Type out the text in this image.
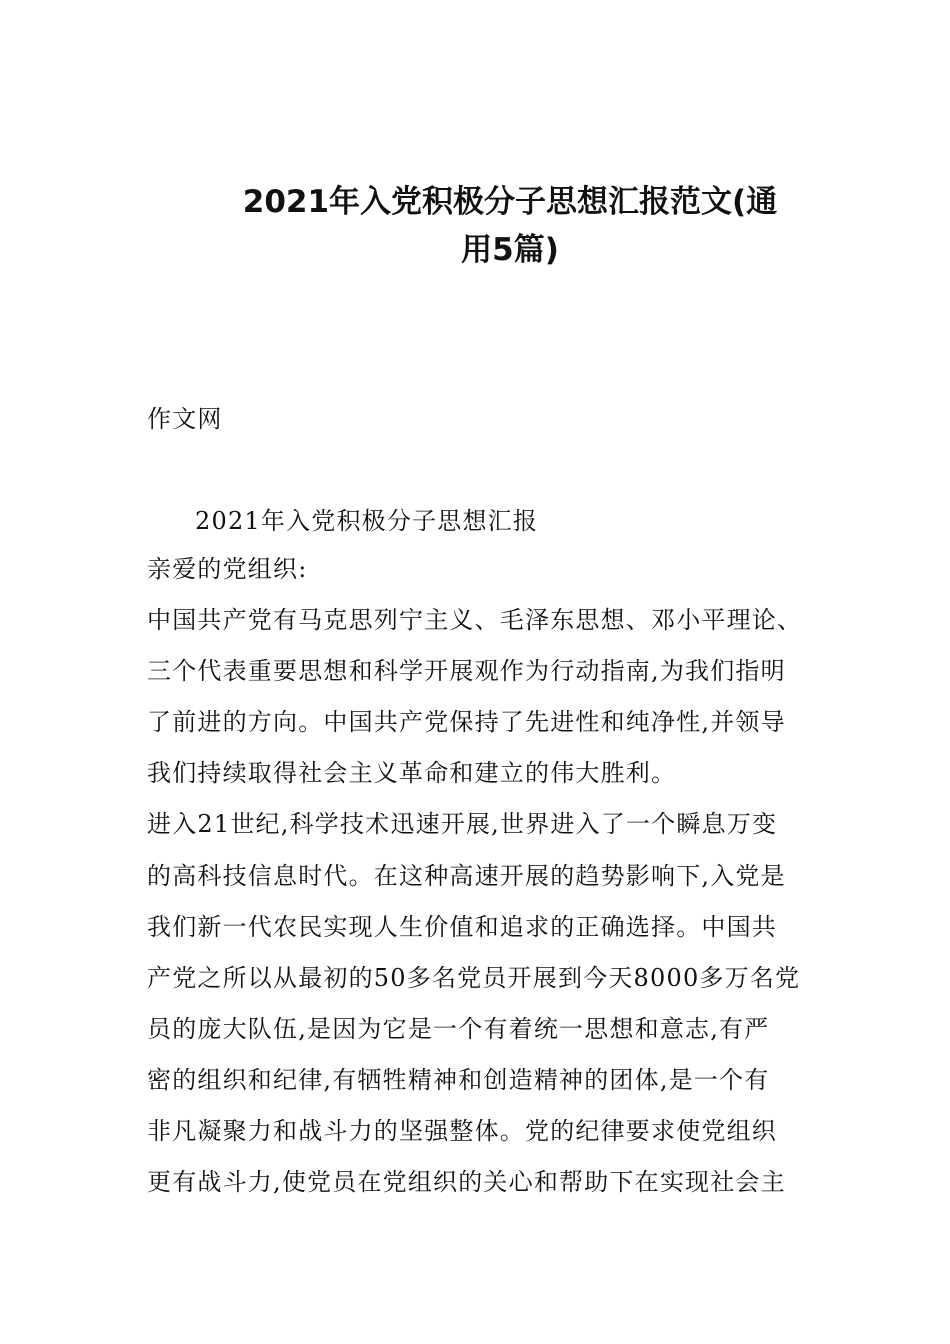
2021年入党积极分子思想汇报范文(通
用5篇)
作文网
2021年入党积极分子思想汇报
亲爱的党组织:
中国共产党有马克思列宁主义、毛泽东思想、邓小平理论、
三个代表重要思想和科学开展观作为行动指南,为我们指明
了前进的方向。中国共产党保持了先进性和纯净性,并领导
我们持续取得社会主义革命和建立的伟大胜利。
进入21世纪,科学技术迅速开展,世界进入了一个瞬息万变
的高科技信息时代。在这种高速开展的趋势影响下,入党是
我们新一代农民实现人生价值和追求的正确选择。中国共
产党之所以从最初的50多名党员开展到今天8000多万名党
员的庞大队伍,是因为它是一个有着统一思想和意志,有严
密的组织和纪律,有牺牲精神和创造精神的团体,是一个有
非凡凝聚力和战斗力的坚强整体。党的纪律要求使党组织
更有战斗力,使党员在党组织的关心和帮助下在实现社会主
